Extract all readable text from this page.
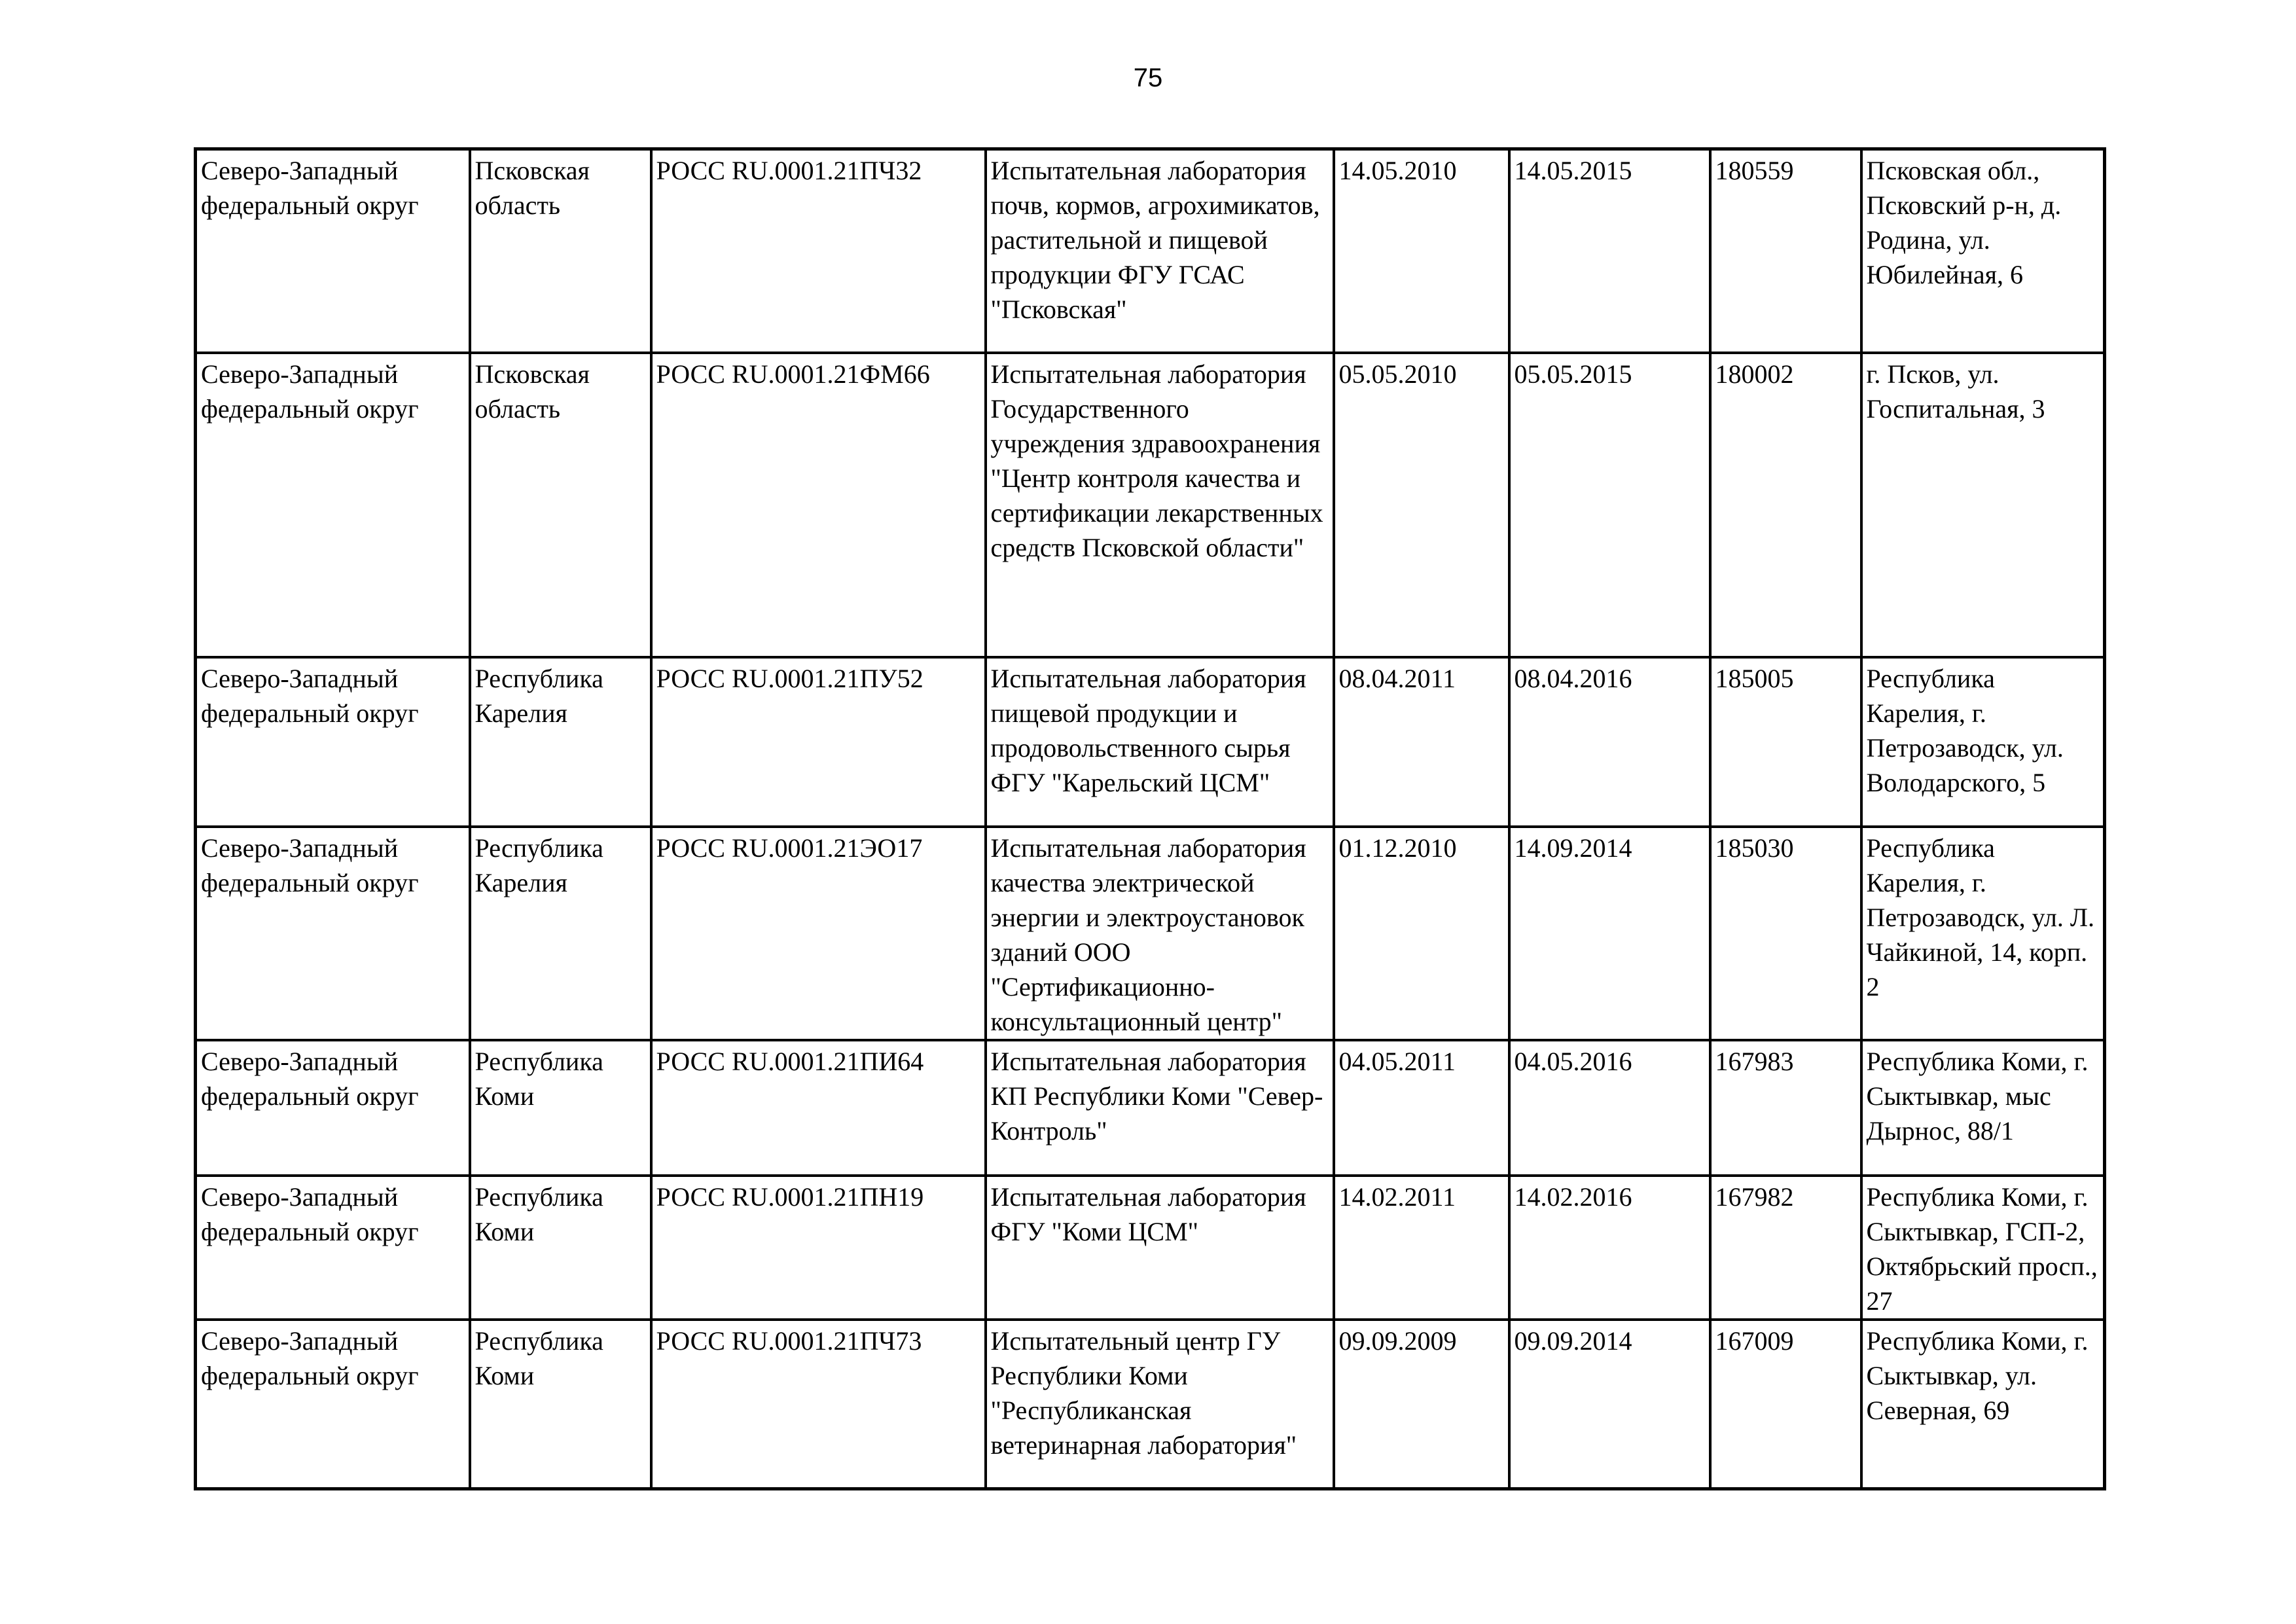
75
Северо-Западный федеральный округ	Псковская область	РОСС RU.0001.21ПЧ32	Испытательная лаборатория почв, кормов, агрохимикатов, растительной и пищевой продукции ФГУ ГСАС "Псковская"	14.05.2010	14.05.2015	180559	Псковская обл., Псковский р-н, д. Родина, ул. Юбилейная, 6
Северо-Западный федеральный округ	Псковская область	РОСС RU.0001.21ФМ66	Испытательная лаборатория Государственного учреждения здравоохранения "Центр контроля качества и сертификации лекарственных средств Псковской области"	05.05.2010	05.05.2015	180002	г. Псков, ул. Госпитальная, 3
Северо-Западный федеральный округ	Республика Карелия	РОСС RU.0001.21ПУ52	Испытательная лаборатория пищевой продукции и продовольственного сырья ФГУ "Карельский ЦСМ"	08.04.2011	08.04.2016	185005	Республика Карелия, г. Петрозаводск, ул. Володарского, 5
Северо-Западный федеральный округ	Республика Карелия	РОСС RU.0001.21ЭО17	Испытательная лаборатория качества электрической энергии и электроустановок зданий ООО "Сертификационно-консультационный центр"	01.12.2010	14.09.2014	185030	Республика Карелия, г. Петрозаводск, ул. Л. Чайкиной, 14, корп. 2
Северо-Западный федеральный округ	Республика Коми	РОСС RU.0001.21ПИ64	Испытательная лаборатория КП Республики Коми "Север-Контроль"	04.05.2011	04.05.2016	167983	Республика Коми, г. Сыктывкар, мыс Дырнос, 88/1
Северо-Западный федеральный округ	Республика Коми	РОСС RU.0001.21ПН19	Испытательная лаборатория ФГУ "Коми ЦСМ"	14.02.2011	14.02.2016	167982	Республика Коми, г. Сыктывкар, ГСП-2, Октябрьский просп., 27
Северо-Западный федеральный округ	Республика Коми	РОСС RU.0001.21ПЧ73	Испытательный центр ГУ Республики Коми "Республиканская ветеринарная лаборатория"	09.09.2009	09.09.2014	167009	Республика Коми, г. Сыктывкар, ул. Северная, 69
